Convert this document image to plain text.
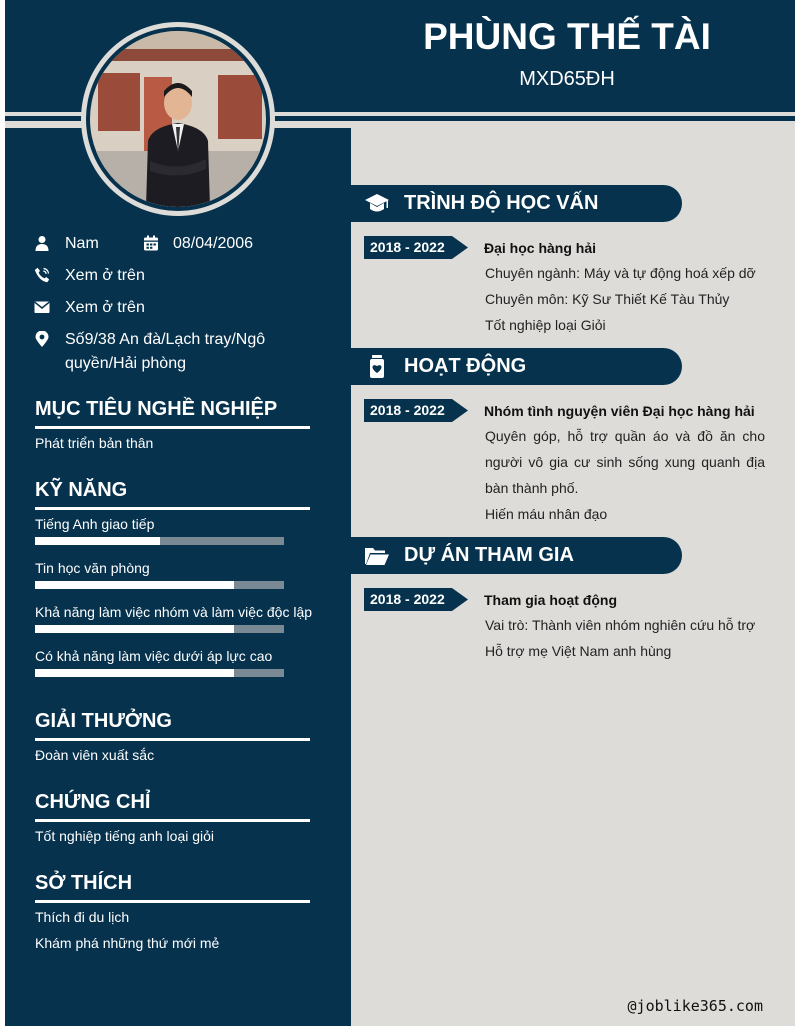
PHÙNG THẾ TÀI
MXD65ĐH
Nam	08/04/2006
Xem ở trên
Xem ở trên
Số9/38 An đà/Lạch tray/Ngô quyền/Hải phòng
MỤC TIÊU NGHỀ NGHIỆP
Phát triển bản thân
KỸ NĂNG
Tiếng Anh giao tiếp
Tin học văn phòng
Khả năng làm việc nhóm và làm việc độc lập
Có khả năng làm việc dưới áp lực cao
GIẢI THƯỞNG
Đoàn viên xuất sắc
CHỨNG CHỈ
Tốt nghiệp tiếng anh loại giỏi
SỞ THÍCH
Thích đi du lịch
Khám phá những thứ mới mẻ
TRÌNH ĐỘ HỌC VẤN
2018 - 2022	Đại học hàng hải
Chuyên ngành: Máy và tự động hoá xếp dỡ
Chuyên môn: Kỹ Sư Thiết Kế Tàu Thủy
Tốt nghiệp loại Giỏi
HOẠT ĐỘNG
2018 - 2022	Nhóm tình nguyện viên Đại học hàng hải
Quyên góp, hỗ trợ quần áo và đồ ăn cho người vô gia cư sinh sống xung quanh địa bàn thành phố.
Hiến máu nhân đạo
DỰ ÁN THAM GIA
2018 - 2022	Tham gia hoạt động
Vai trò: Thành viên nhóm nghiên cứu hỗ trợ
Hỗ trợ mẹ Việt Nam anh hùng
@joblike365.com
